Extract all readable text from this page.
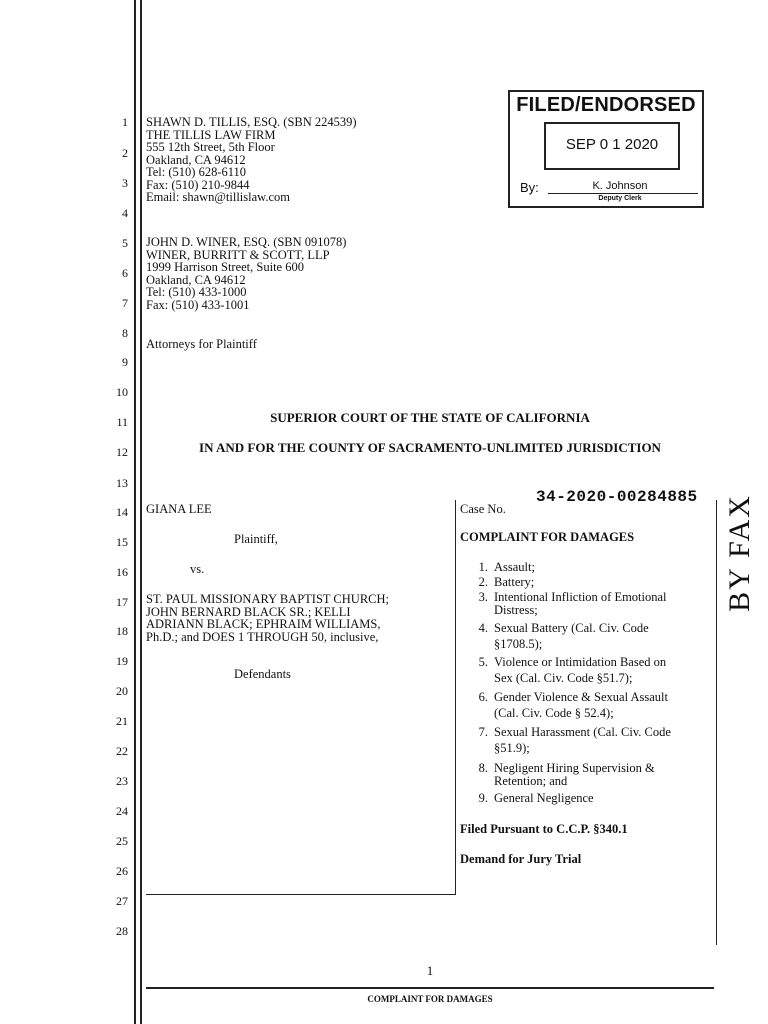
1
2
3
4
5
6
7
8
9
10
11
12
13
14
15
16
17
18
19
20
21
22
23
24
25
26
27
28
SHAWN D. TILLIS, ESQ. (SBN 224539)
THE TILLIS LAW FIRM
555 12th Street, 5th Floor
Oakland, CA 94612
Tel: (510) 628-6110
Fax: (510) 210-9844
Email: shawn@tillislaw.com
JOHN D. WINER, ESQ. (SBN 091078)
WINER, BURRITT & SCOTT, LLP
1999 Harrison Street, Suite 600
Oakland, CA 94612
Tel: (510) 433-1000
Fax: (510) 433-1001
Attorneys for Plaintiff
FILED/ENDORSED
SEP 0 1 2020
By:	K. Johnson
Deputy Clerk
SUPERIOR COURT OF THE STATE OF CALIFORNIA
IN AND FOR THE COUNTY OF SACRAMENTO-UNLIMITED JURISDICTION
GIANA LEE
Plaintiff,
vs.
ST. PAUL MISSIONARY BAPTIST CHURCH;
JOHN BERNARD BLACK SR.; KELLI
ADRIANN BLACK; EPHRAIM WILLIAMS,
Ph.D.; and DOES 1 THROUGH 50, inclusive,
Defendants
Case No.
34-2020-00284885
COMPLAINT FOR DAMAGES
1. Assault;
2. Battery;
3. Intentional Infliction of Emotional
Distress;
4. Sexual Battery (Cal. Civ. Code
§1708.5);
5. Violence or Intimidation Based on
Sex (Cal. Civ. Code §51.7);
6. Gender Violence & Sexual Assault
(Cal. Civ. Code § 52.4);
7. Sexual Harassment (Cal. Civ. Code
§51.9);
8. Negligent Hiring Supervision &
Retention; and
9. General Negligence
Filed Pursuant to C.C.P. §340.1
Demand for Jury Trial
BY FAX
1
COMPLAINT FOR DAMAGES
